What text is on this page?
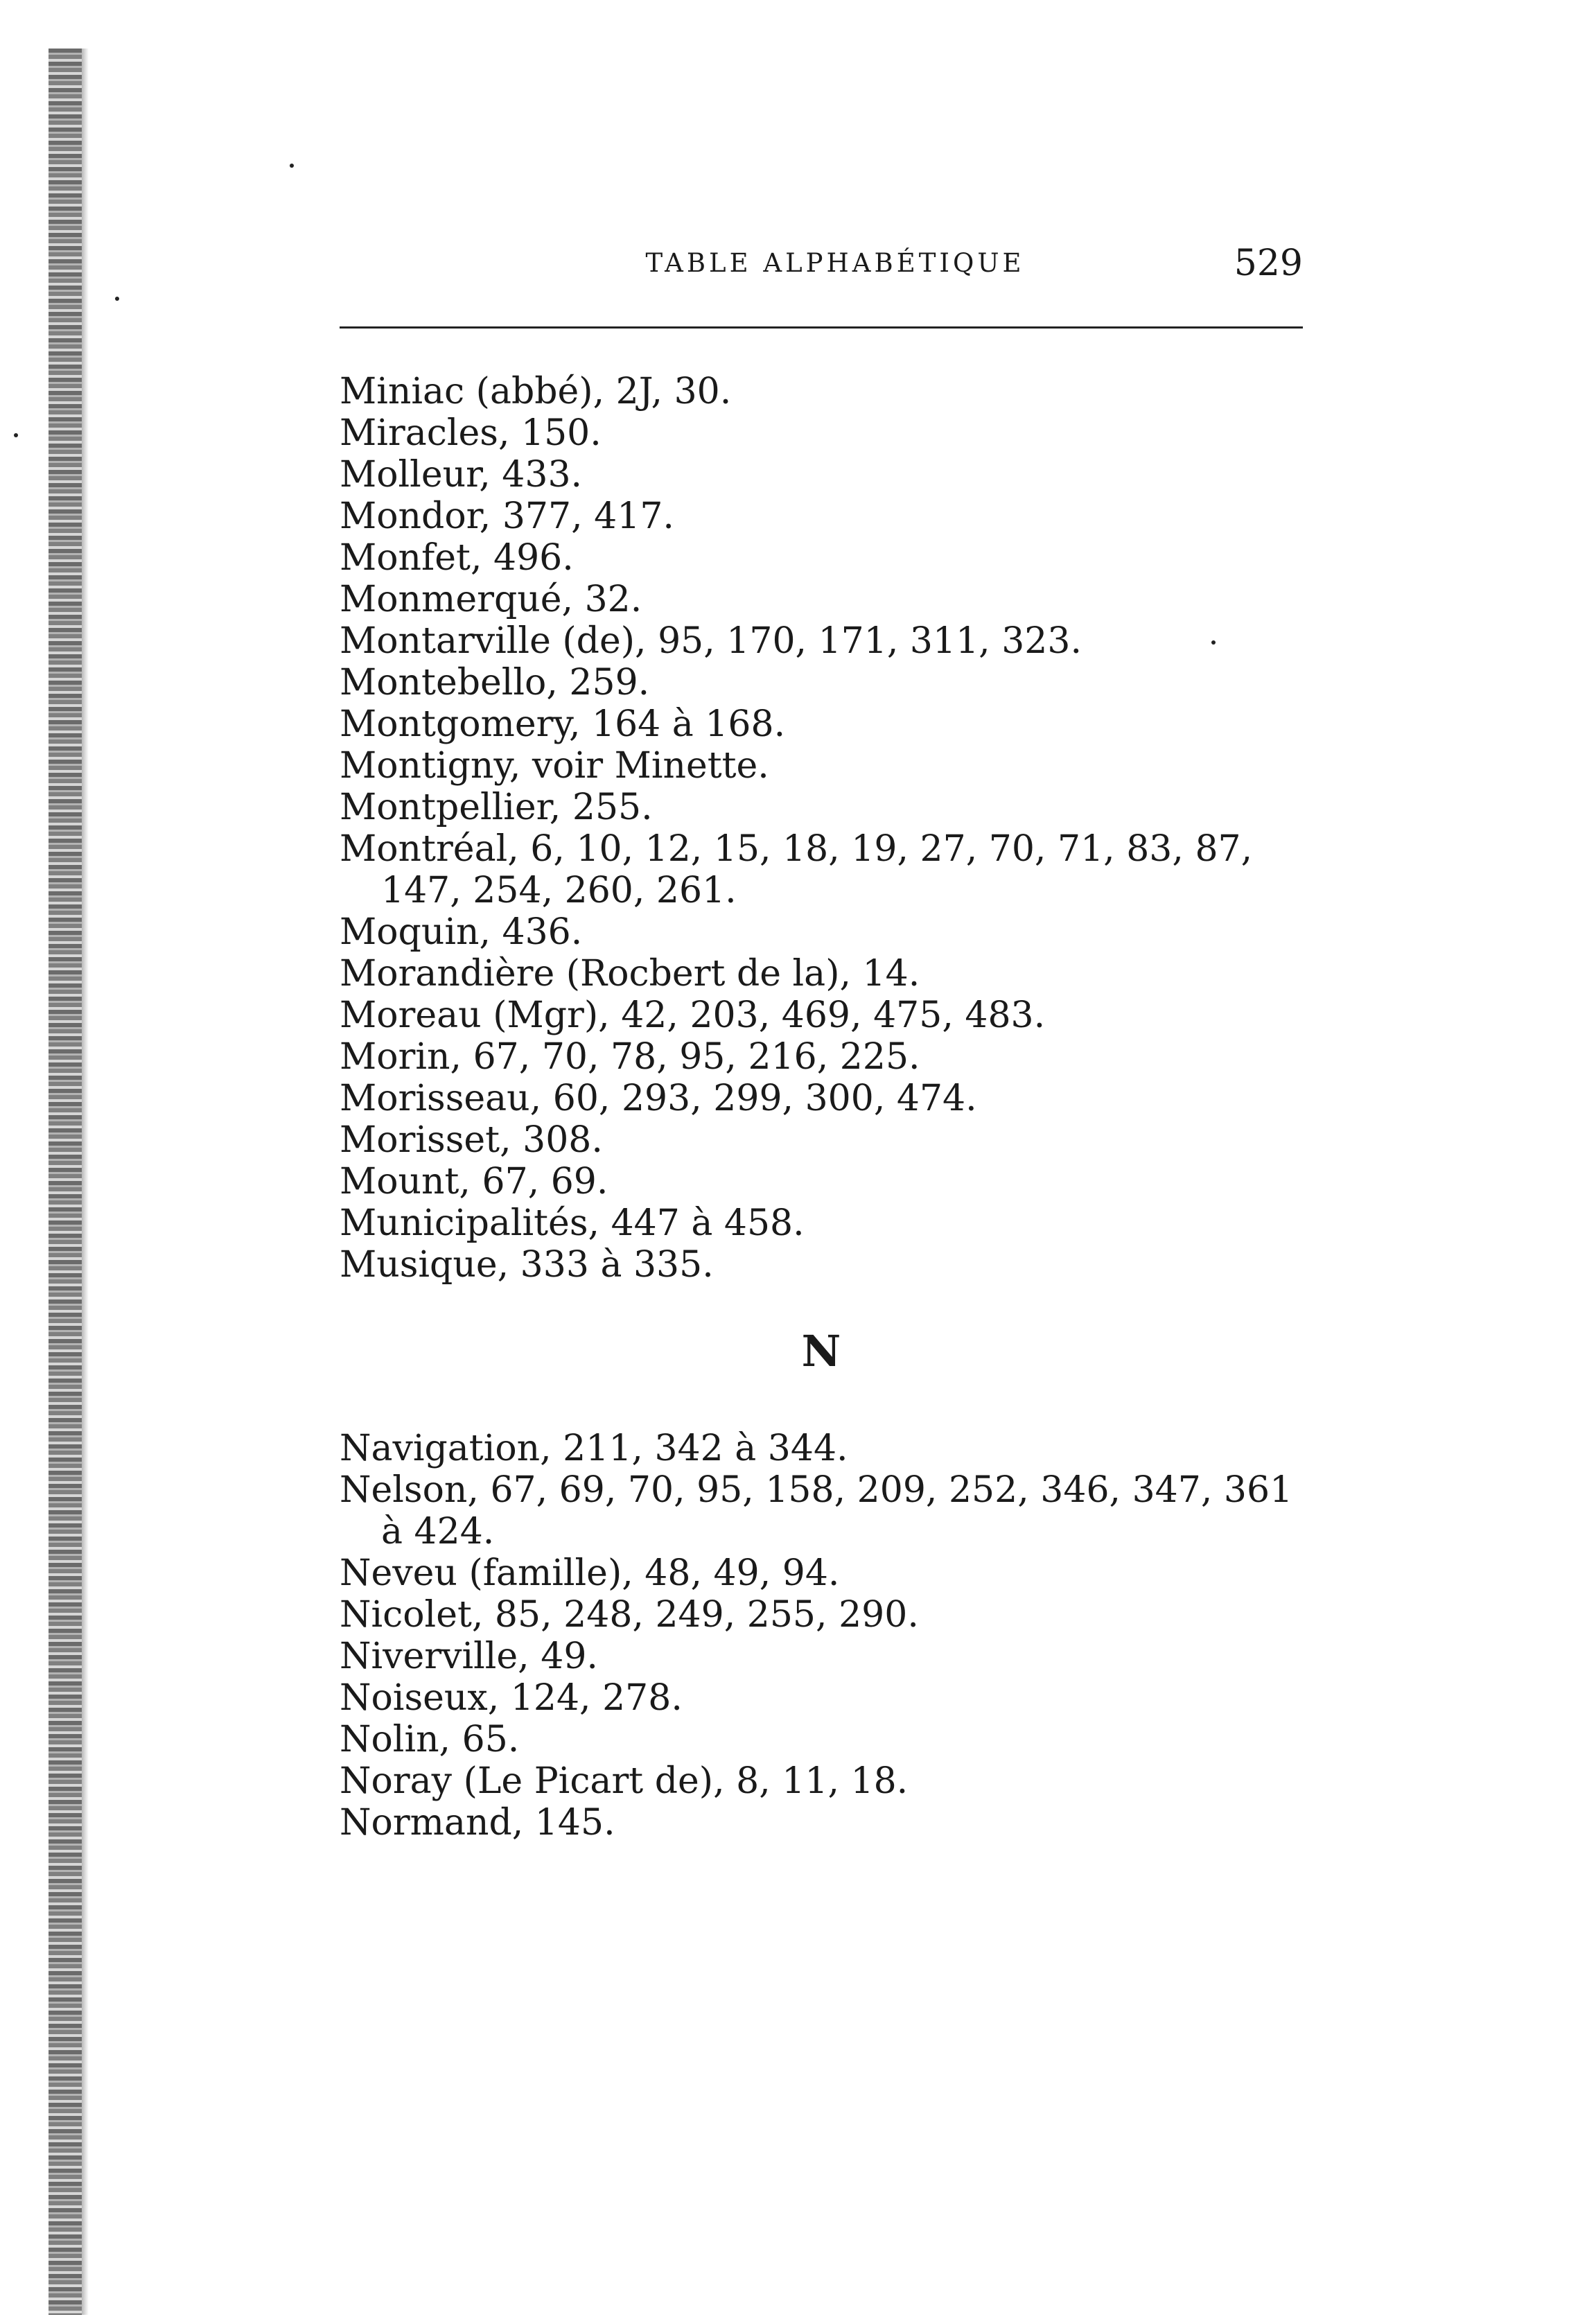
TABLE ALPHABÉTIQUE	529
Miniac (abbé), 2J, 30.
Miracles, 150.
Molleur, 433.
Mondor, 377, 417.
Monfet, 496.
Monmerqué, 32.
Montarville (de), 95, 170, 171, 311, 323.
Montebello, 259.
Montgomery, 164 à 168.
Montigny, voir Minette.
Montpellier, 255.
Montréal, 6, 10, 12, 15, 18, 19, 27, 70, 71, 83, 87, 147, 254, 260, 261.
Moquin, 436.
Morandière (Rocbert de la), 14.
Moreau (Mgr), 42, 203, 469, 475, 483.
Morin, 67, 70, 78, 95, 216, 225.
Morisseau, 60, 293, 299, 300, 474.
Morisset, 308.
Mount, 67, 69.
Municipalités, 447 à 458.
Musique, 333 à 335.
N
Navigation, 211, 342 à 344.
Nelson, 67, 69, 70, 95, 158, 209, 252, 346, 347, 361 à 424.
Neveu (famille), 48, 49, 94.
Nicolet, 85, 248, 249, 255, 290.
Niverville, 49.
Noiseux, 124, 278.
Nolin, 65.
Noray (Le Picart de), 8, 11, 18.
Normand, 145.
